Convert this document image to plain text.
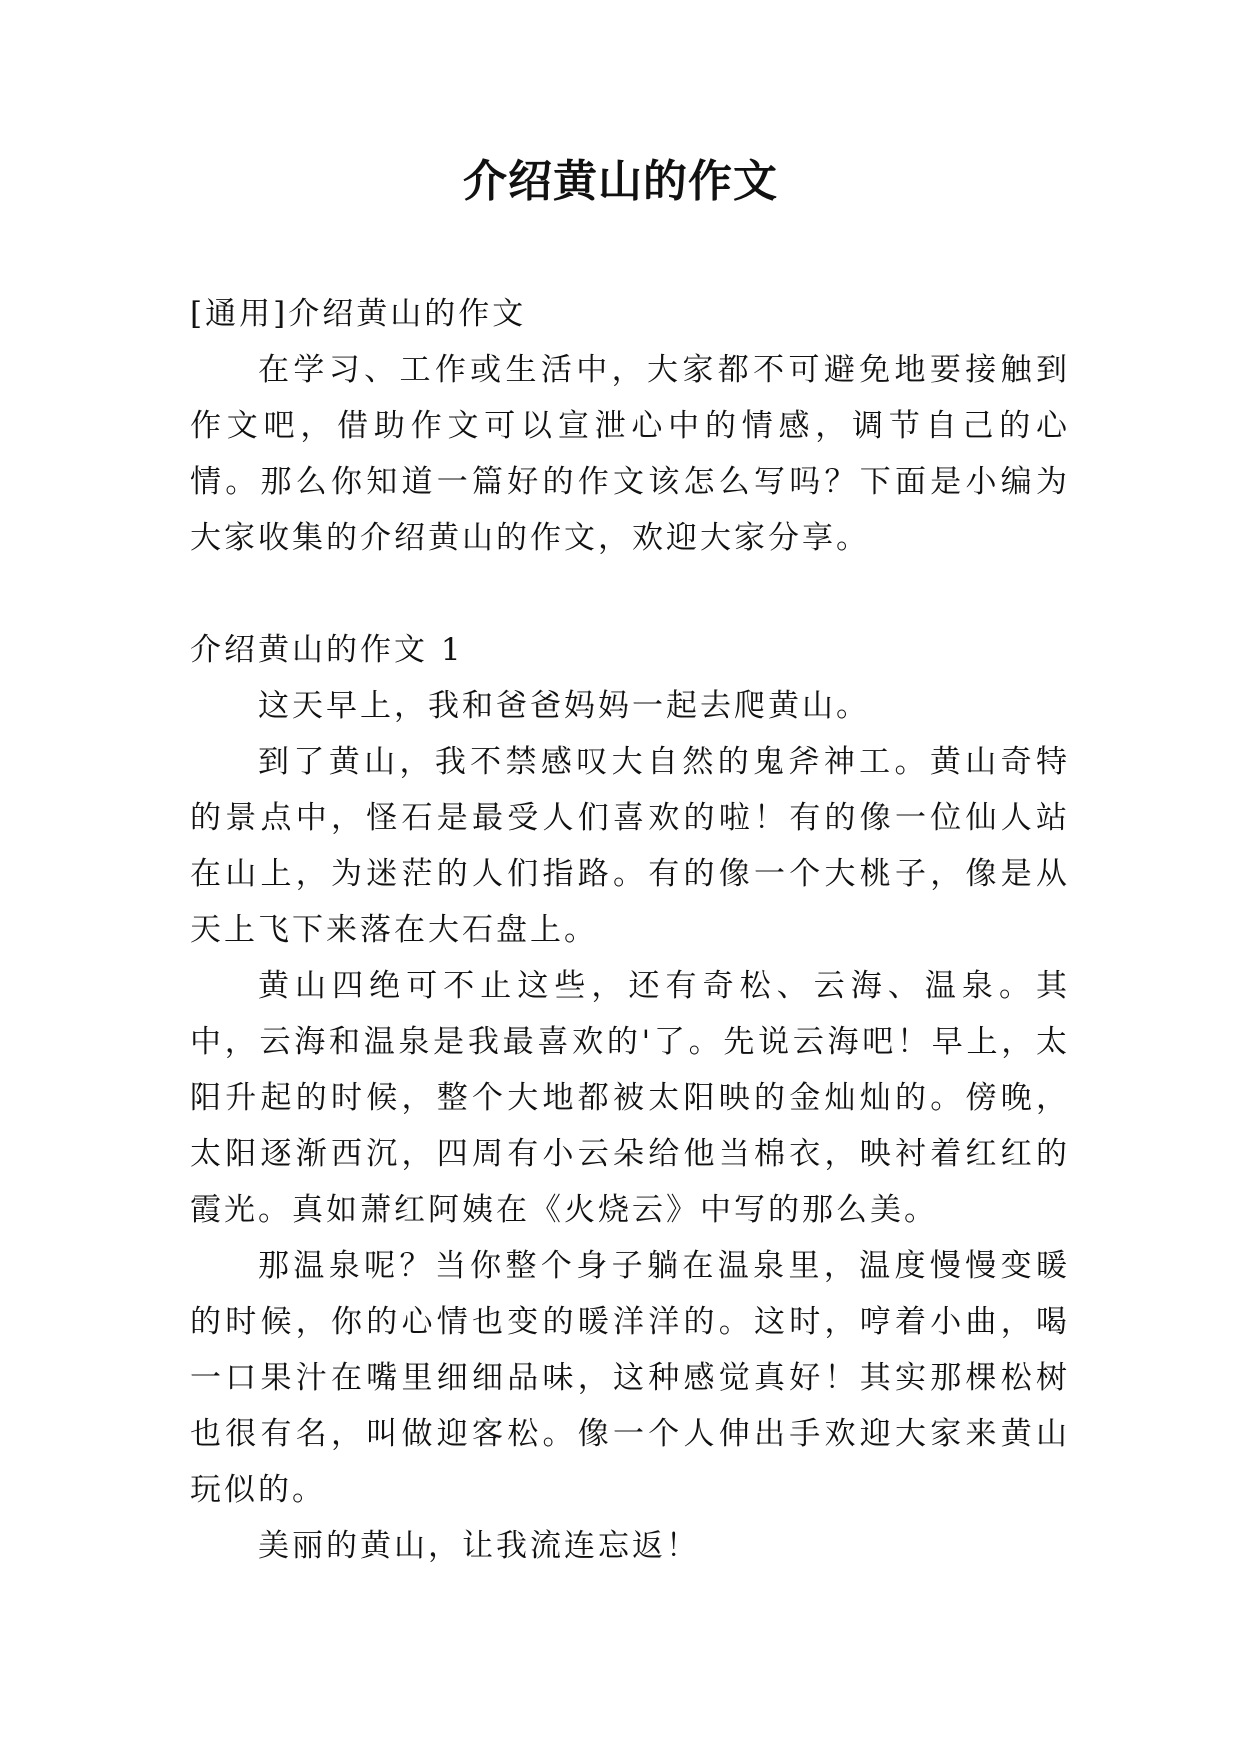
介绍黄山的作文

[通用]介绍黄山的作文

在学习、工作或生活中，大家都不可避免地要接触到作文吧，借助作文可以宣泄心中的情感，调节自己的心情。那么你知道一篇好的作文该怎么写吗？下面是小编为大家收集的介绍黄山的作文，欢迎大家分享。

介绍黄山的作文 1

这天早上，我和爸爸妈妈一起去爬黄山。

到了黄山，我不禁感叹大自然的鬼斧神工。黄山奇特的景点中，怪石是最受人们喜欢的啦！有的像一位仙人站在山上，为迷茫的人们指路。有的像一个大桃子，像是从天上飞下来落在大石盘上。

黄山四绝可不止这些，还有奇松、云海、温泉。其中，云海和温泉是我最喜欢的'了。先说云海吧！早上，太阳升起的时候，整个大地都被太阳映的金灿灿的。傍晚，太阳逐渐西沉，四周有小云朵给他当棉衣，映衬着红红的霞光。真如萧红阿姨在《火烧云》中写的那么美。

那温泉呢？当你整个身子躺在温泉里，温度慢慢变暖的时候，你的心情也变的暖洋洋的。这时，哼着小曲，喝一口果汁在嘴里细细品味，这种感觉真好！其实那棵松树也很有名，叫做迎客松。像一个人伸出手欢迎大家来黄山玩似的。

美丽的黄山，让我流连忘返！
